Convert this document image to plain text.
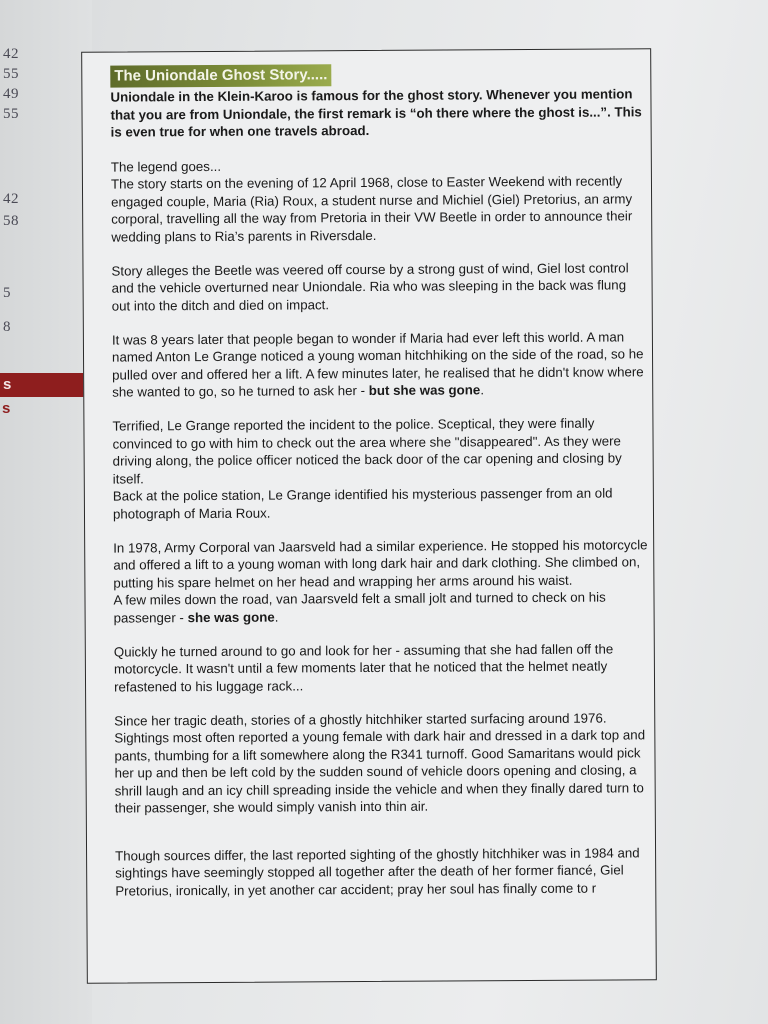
42
55
49
55
42
58
5
8
s
s
The Uniondale Ghost Story.....

Uniondale in the Klein-Karoo is famous for the ghost story. Whenever you mention that you are from Uniondale, the first remark is “oh there where the ghost is...”. This is even true for when one travels abroad.

The legend goes...
The story starts on the evening of 12 April 1968, close to Easter Weekend with recently engaged couple, Maria (Ria) Roux, a student nurse and Michiel (Giel) Pretorius, an army corporal, travelling all the way from Pretoria in their VW Beetle in order to announce their wedding plans to Ria’s parents in Riversdale.

Story alleges the Beetle was veered off course by a strong gust of wind, Giel lost control and the vehicle overturned near Uniondale. Ria who was sleeping in the back was flung out into the ditch and died on impact.

It was 8 years later that people began to wonder if Maria had ever left this world. A man named Anton Le Grange noticed a young woman hitchhiking on the side of the road, so he pulled over and offered her a lift. A few minutes later, he realised that he didn't know where she wanted to go, so he turned to ask her - but she was gone.

Terrified, Le Grange reported the incident to the police. Sceptical, they were finally convinced to go with him to check out the area where she "disappeared". As they were driving along, the police officer noticed the back door of the car opening and closing by itself.
Back at the police station, Le Grange identified his mysterious passenger from an old photograph of Maria Roux.

In 1978, Army Corporal van Jaarsveld had a similar experience. He stopped his motorcycle and offered a lift to a young woman with long dark hair and dark clothing. She climbed on, putting his spare helmet on her head and wrapping her arms around his waist.
A few miles down the road, van Jaarsveld felt a small jolt and turned to check on his passenger - she was gone.

Quickly he turned around to go and look for her - assuming that she had fallen off the motorcycle. It wasn't until a few moments later that he noticed that the helmet neatly refastened to his luggage rack...

Since her tragic death, stories of a ghostly hitchhiker started surfacing around 1976. Sightings most often reported a young female with dark hair and dressed in a dark top and pants, thumbing for a lift somewhere along the R341 turnoff. Good Samaritans would pick her up and then be left cold by the sudden sound of vehicle doors opening and closing, a shrill laugh and an icy chill spreading inside the vehicle and when they finally dared turn to their passenger, she would simply vanish into thin air.

Though sources differ, the last reported sighting of the ghostly hitchhiker was in 1984 and sightings have seemingly stopped all together after the death of her former fiancé, Giel Pretorius, ironically, in yet another car accident; pray her soul has finally come to r
